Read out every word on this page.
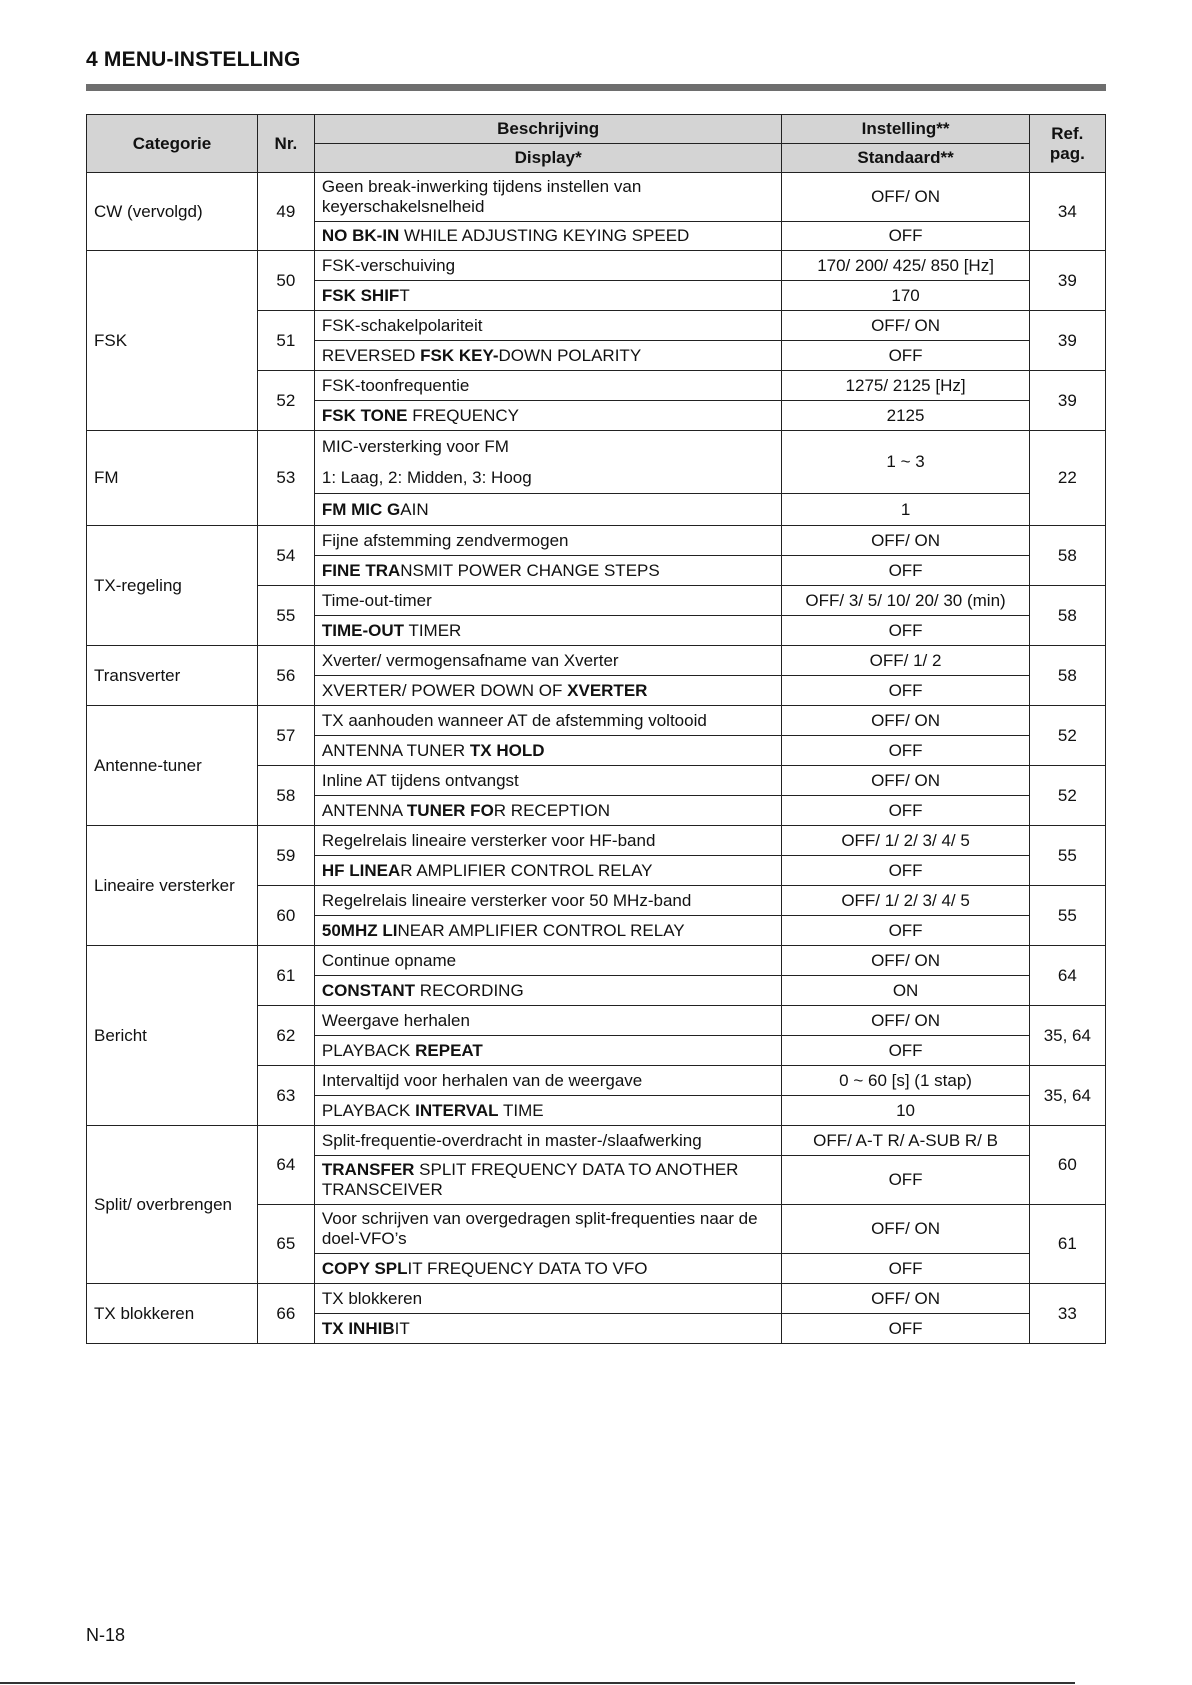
4 MENU-INSTELLING
Categorie	Nr.	Beschrijving	Instelling**	Ref.
pag.
		Display*	Standaard**	
CW (vervolgd)	49	Geen break-inwerking tijdens instellen van keyerschakelsnelheid	OFF/ ON	34
		NO BK-IN WHILE ADJUSTING KEYING SPEED	OFF	
FSK	50	FSK-verschuiving	170/ 200/ 425/ 850 [Hz]	39
		FSK SHIFT	170	
	51	FSK-schakelpolariteit	OFF/ ON	39
		REVERSED FSK KEY-DOWN POLARITY	OFF	
	52	FSK-toonfrequentie	1275/ 2125 [Hz]	39
		FSK TONE FREQUENCY	2125	
FM	53	MIC-versterking voor FM
1: Laag, 2: Midden, 3: Hoog	1 ~ 3	22
		FM MIC GAIN	1	
TX-regeling	54	Fijne afstemming zendvermogen	OFF/ ON	58
		FINE TRANSMIT POWER CHANGE STEPS	OFF	
	55	Time-out-timer	OFF/ 3/ 5/ 10/ 20/ 30 (min)	58
		TIME-OUT TIMER	OFF	
Transverter	56	Xverter/ vermogensafname van Xverter	OFF/ 1/ 2	58
		XVERTER/ POWER DOWN OF XVERTER	OFF	
Antenne-tuner	57	TX aanhouden wanneer AT de afstemming voltooid	OFF/ ON	52
		ANTENNA TUNER TX HOLD	OFF	
	58	Inline AT tijdens ontvangst	OFF/ ON	52
		ANTENNA TUNER FOR RECEPTION	OFF	
Lineaire versterker	59	Regelrelais lineaire versterker voor HF-band	OFF/ 1/ 2/ 3/ 4/ 5	55
		HF LINEAR AMPLIFIER CONTROL RELAY	OFF	
	60	Regelrelais lineaire versterker voor 50 MHz-band	OFF/ 1/ 2/ 3/ 4/ 5	55
		50MHZ LINEAR AMPLIFIER CONTROL RELAY	OFF	
Bericht	61	Continue opname	OFF/ ON	64
		CONSTANT RECORDING	ON	
	62	Weergave herhalen	OFF/ ON	35, 64
		PLAYBACK REPEAT	OFF	
	63	Intervaltijd voor herhalen van de weergave	0 ~ 60 [s] (1 stap)	35, 64
		PLAYBACK INTERVAL TIME	10	
Split/ overbrengen	64	Split-frequentie-overdracht in master-/slaafwerking	OFF/ A-T R/ A-SUB R/ B	60
		TRANSFER SPLIT FREQUENCY DATA TO ANOTHER TRANSCEIVER	OFF	
	65	Voor schrijven van overgedragen split-frequenties naar de doel-VFO’s	OFF/ ON	61
		COPY SPLIT FREQUENCY DATA TO VFO	OFF	
TX blokkeren	66	TX blokkeren	OFF/ ON	33
		TX INHIBIT	OFF	
N-18
